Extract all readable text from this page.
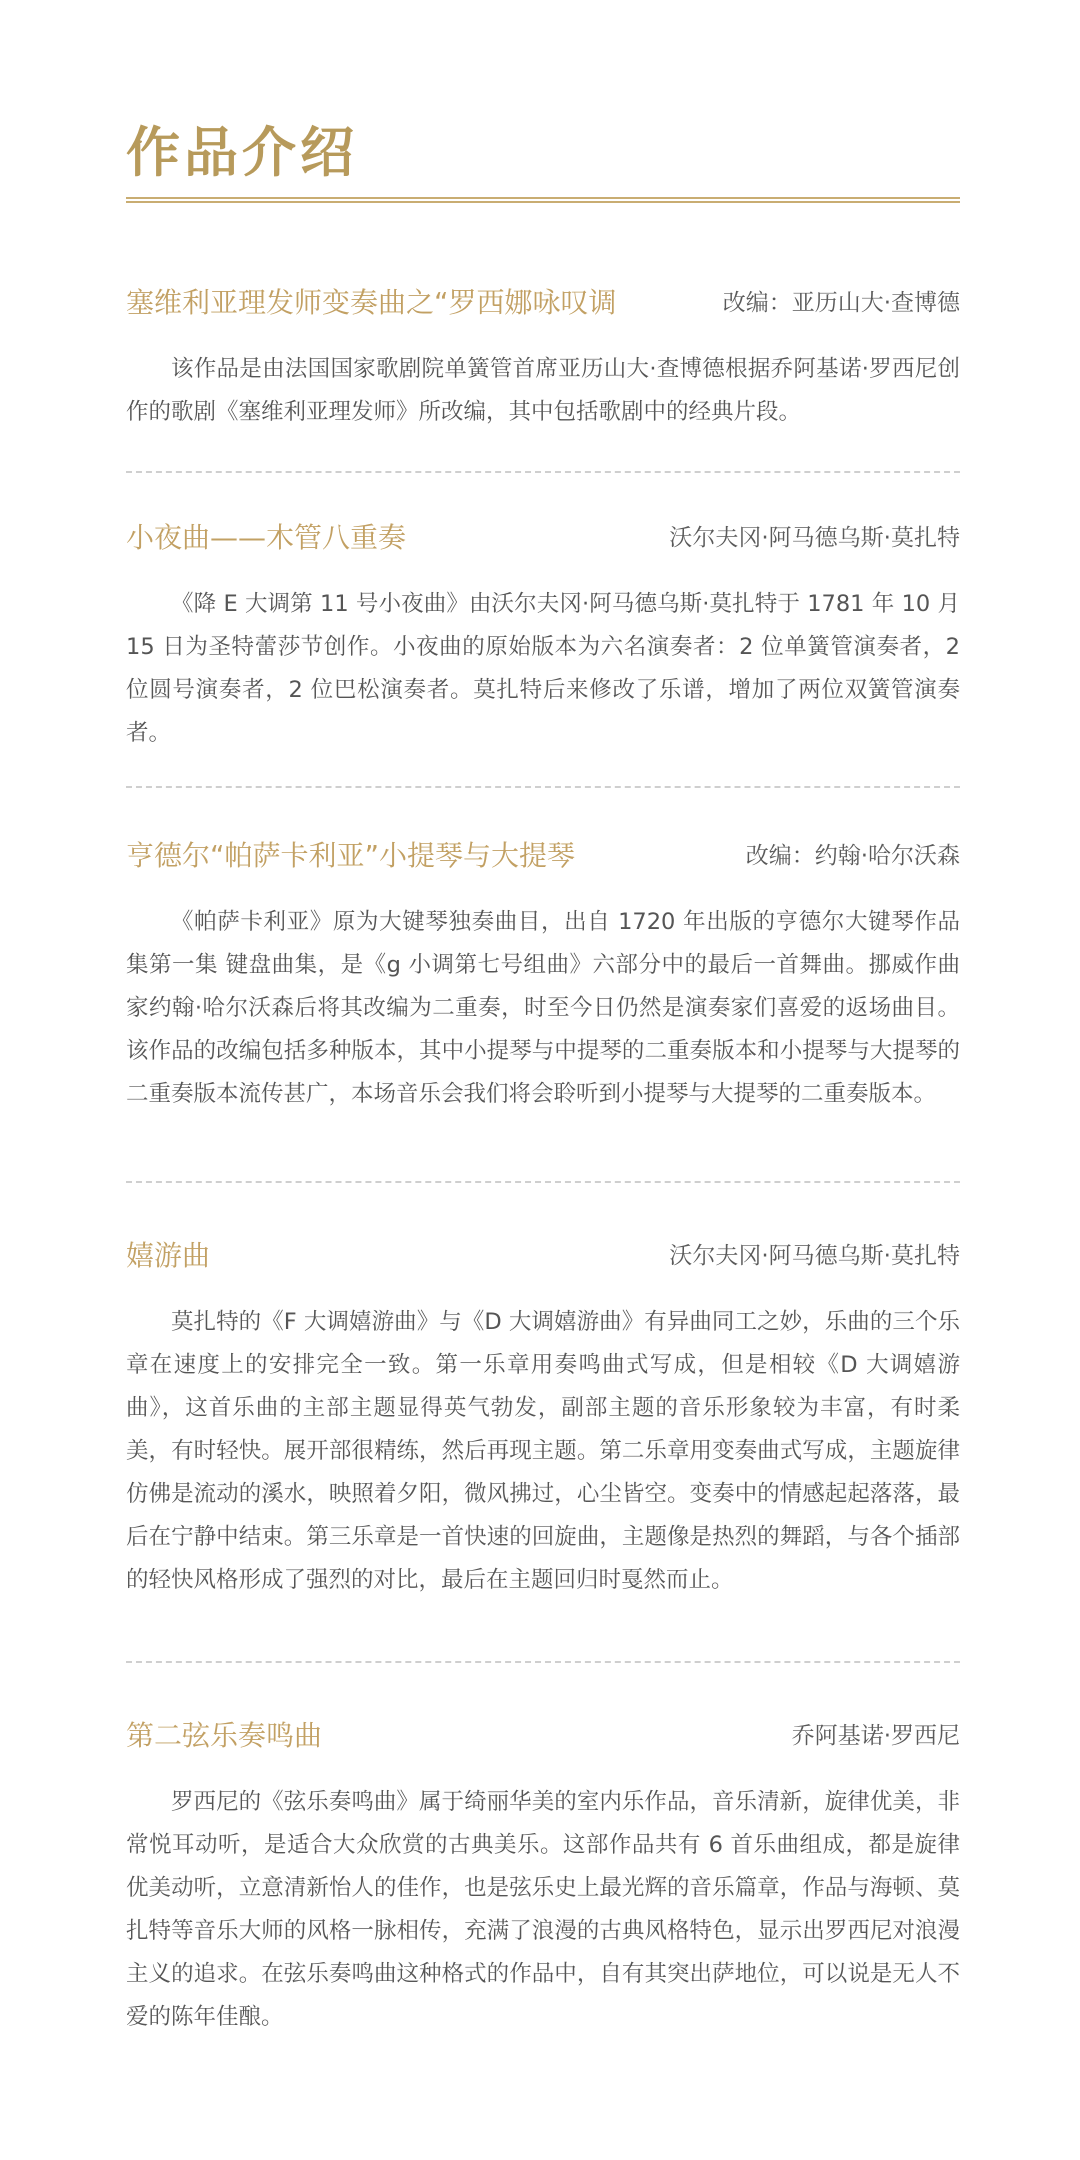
作品介绍
塞维利亚理发师变奏曲之“罗西娜咏叹调	改编：亚历山大·查博德
该作品是由法国国家歌剧院单簧管首席亚历山大·查博德根据乔阿基诺·罗西尼创作的歌剧《塞维利亚理发师》所改编，其中包括歌剧中的经典片段。
小夜曲——木管八重奏	沃尔夫冈·阿马德乌斯·莫扎特
《降 E 大调第 11 号小夜曲》由沃尔夫冈·阿马德乌斯·莫扎特于 1781 年 10 月 15 日为圣特蕾莎节创作。小夜曲的原始版本为六名演奏者：2 位单簧管演奏者，2 位圆号演奏者，2 位巴松演奏者。莫扎特后来修改了乐谱，增加了两位双簧管演奏者。
亨德尔“帕萨卡利亚”小提琴与大提琴	改编：约翰·哈尔沃森
《帕萨卡利亚》原为大键琴独奏曲目，出自 1720 年出版的亨德尔大键琴作品集第一集 键盘曲集，是《g 小调第七号组曲》六部分中的最后一首舞曲。挪威作曲家约翰·哈尔沃森后将其改编为二重奏，时至今日仍然是演奏家们喜爱的返场曲目。该作品的改编包括多种版本，其中小提琴与中提琴的二重奏版本和小提琴与大提琴的二重奏版本流传甚广，本场音乐会我们将会聆听到小提琴与大提琴的二重奏版本。
嬉游曲	沃尔夫冈·阿马德乌斯·莫扎特
莫扎特的《F 大调嬉游曲》与《D 大调嬉游曲》有异曲同工之妙，乐曲的三个乐章在速度上的安排完全一致。第一乐章用奏鸣曲式写成，但是相较《D 大调嬉游曲》，这首乐曲的主部主题显得英气勃发，副部主题的音乐形象较为丰富，有时柔美，有时轻快。展开部很精练，然后再现主题。第二乐章用变奏曲式写成，主题旋律仿佛是流动的溪水，映照着夕阳，微风拂过，心尘皆空。变奏中的情感起起落落，最后在宁静中结束。第三乐章是一首快速的回旋曲，主题像是热烈的舞蹈，与各个插部的轻快风格形成了强烈的对比，最后在主题回归时戛然而止。
第二弦乐奏鸣曲	乔阿基诺·罗西尼
罗西尼的《弦乐奏鸣曲》属于绮丽华美的室内乐作品，音乐清新，旋律优美，非常悦耳动听，是适合大众欣赏的古典美乐。这部作品共有 6 首乐曲组成，都是旋律优美动听，立意清新怡人的佳作，也是弦乐史上最光辉的音乐篇章，作品与海顿、莫扎特等音乐大师的风格一脉相传，充满了浪漫的古典风格特色，显示出罗西尼对浪漫主义的追求。在弦乐奏鸣曲这种格式的作品中，自有其突出萨地位，可以说是无人不爱的陈年佳酿。
